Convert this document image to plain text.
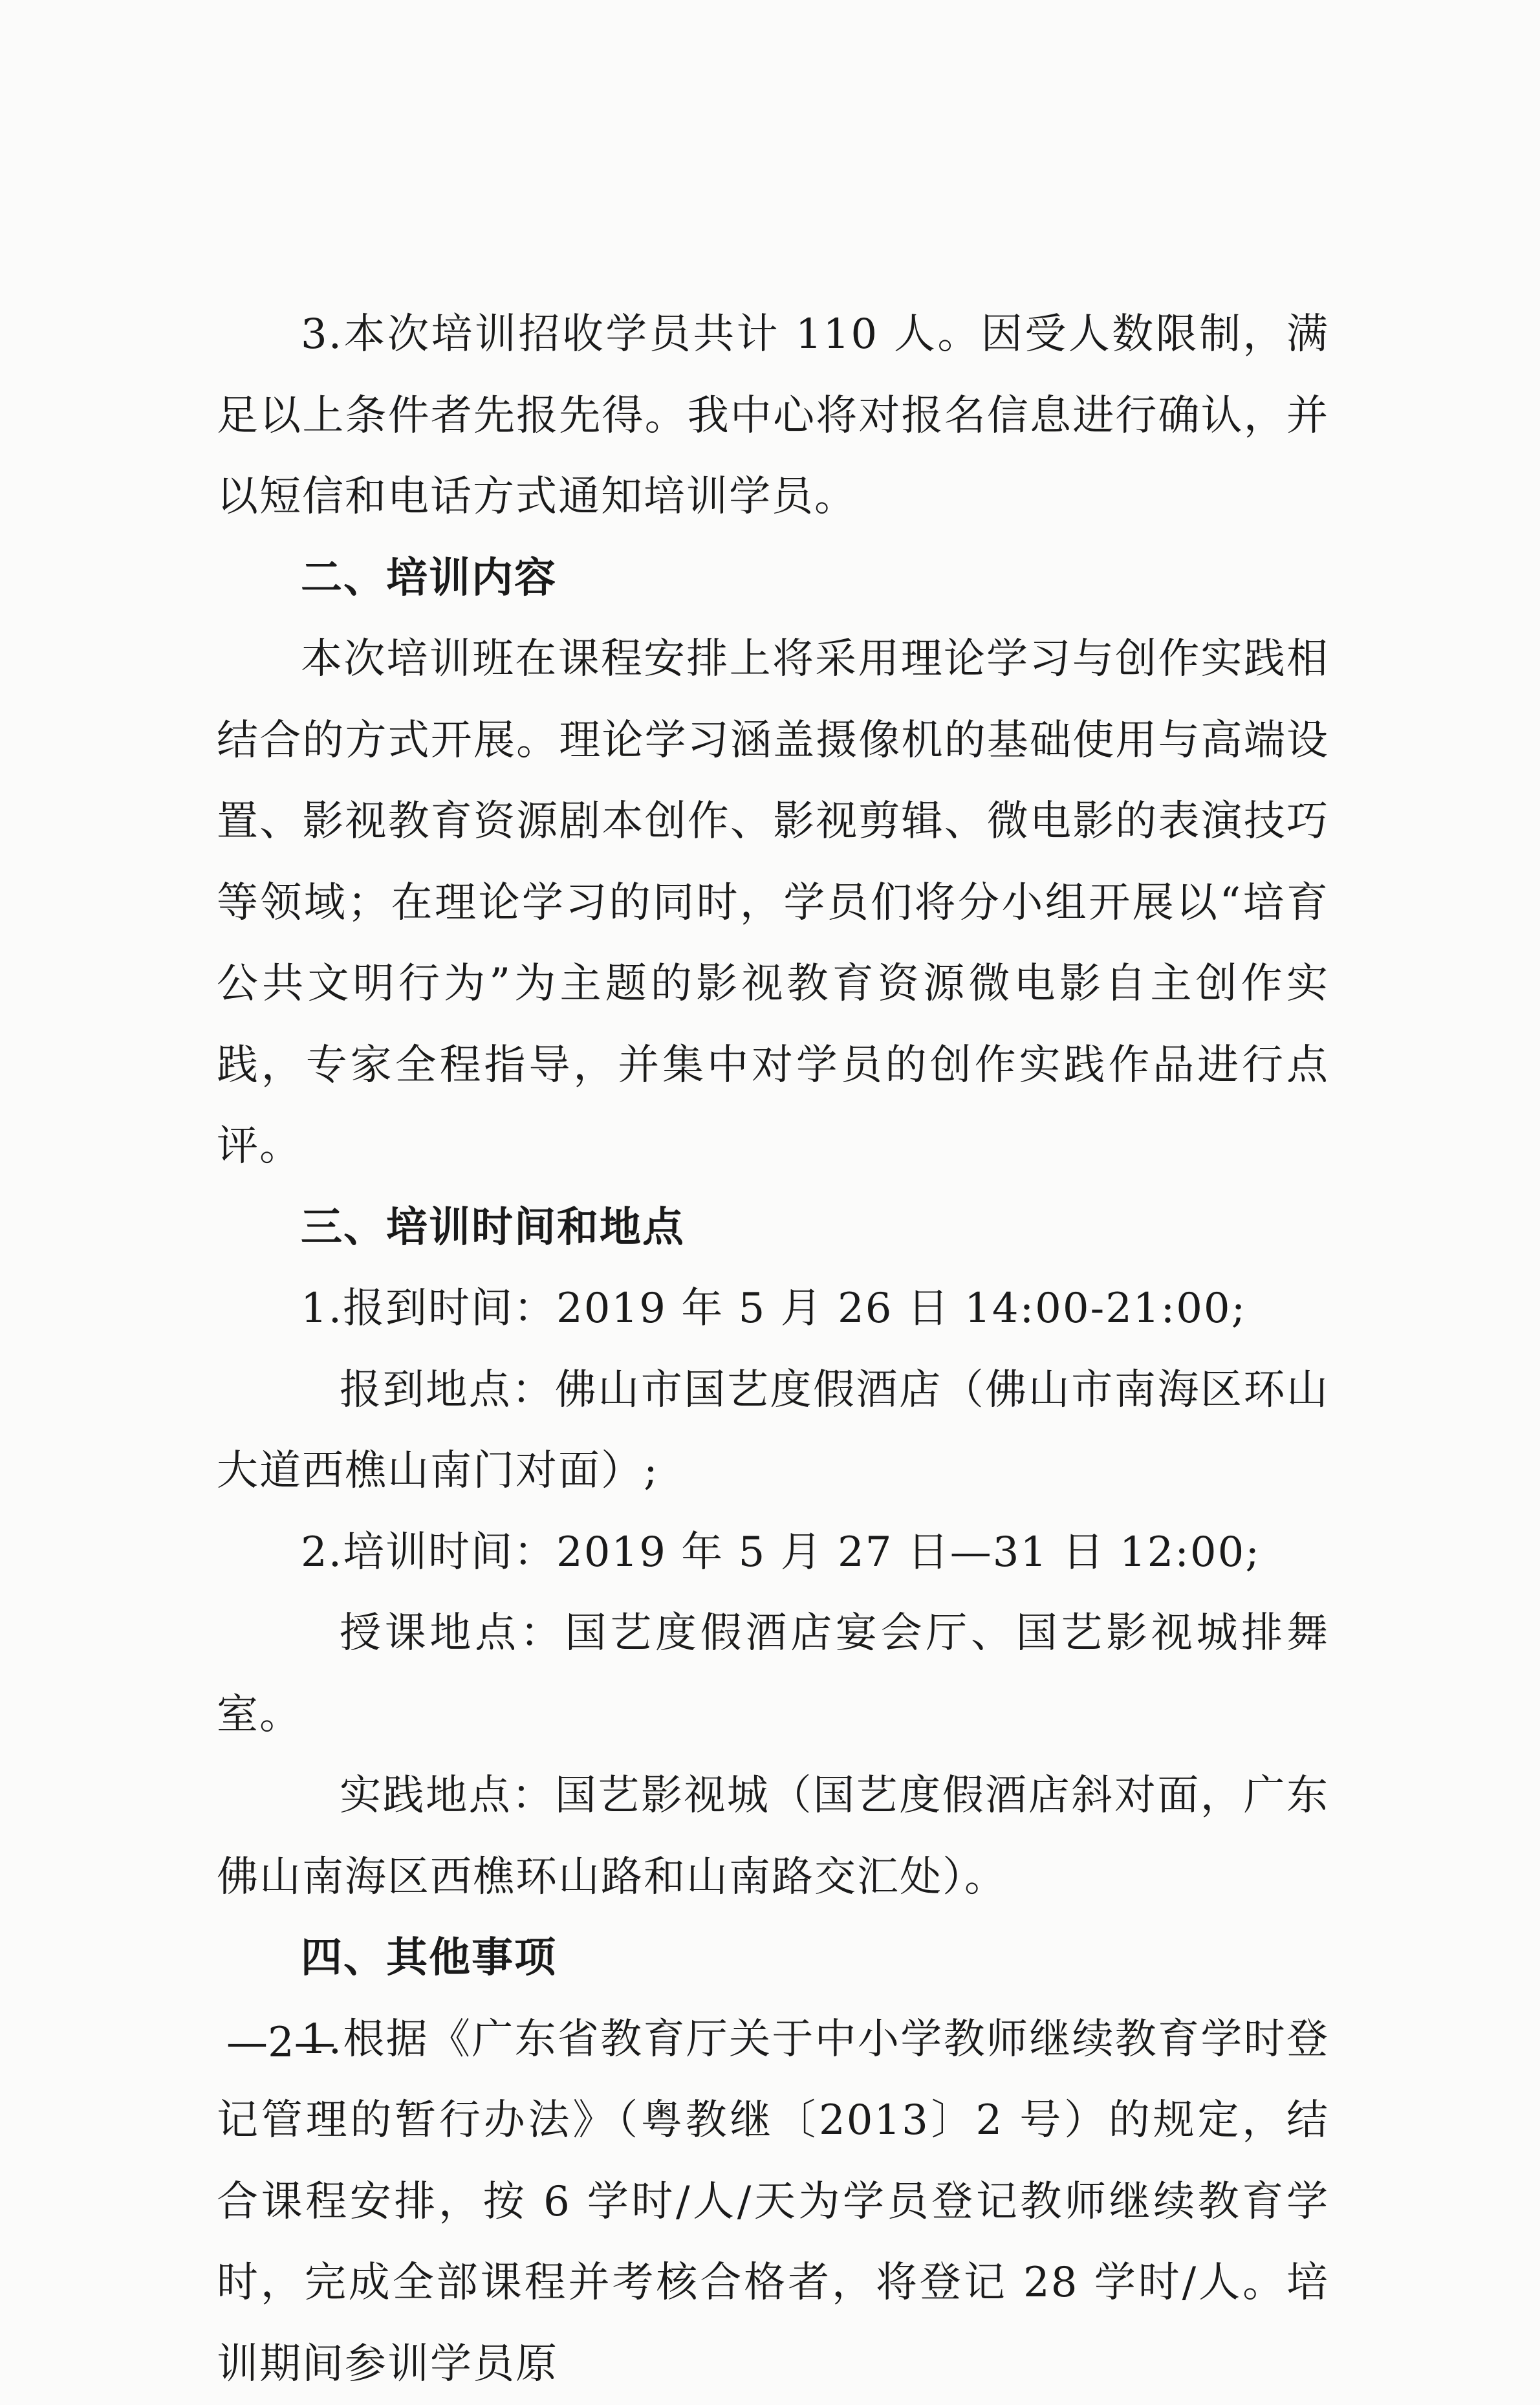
3.本次培训招收学员共计 110 人。因受人数限制，满足以上条件者先报先得。我中心将对报名信息进行确认，并以短信和电话方式通知培训学员。

二、培训内容

本次培训班在课程安排上将采用理论学习与创作实践相结合的方式开展。理论学习涵盖摄像机的基础使用与高端设置、影视教育资源剧本创作、影视剪辑、微电影的表演技巧等领域；在理论学习的同时，学员们将分小组开展以“培育公共文明行为”为主题的影视教育资源微电影自主创作实践，专家全程指导，并集中对学员的创作实践作品进行点评。

三、培训时间和地点

1.报到时间：2019 年 5 月 26 日 14:00-21:00;

报到地点：佛山市国艺度假酒店（佛山市南海区环山大道西樵山南门对面）;

2.培训时间：2019 年 5 月 27 日—31 日 12:00;

授课地点：国艺度假酒店宴会厅、国艺影视城排舞室。

实践地点：国艺影视城（国艺度假酒店斜对面，广东佛山南海区西樵环山路和山南路交汇处）。

四、其他事项

1.根据《广东省教育厅关于中小学教师继续教育学时登记管理的暂行办法》（粤教继〔2013〕2 号）的规定，结合课程安排，按 6 学时/人/天为学员登记教师继续教育学时，完成全部课程并考核合格者，将登记 28 学时/人。培训期间参训学员原

—2—
